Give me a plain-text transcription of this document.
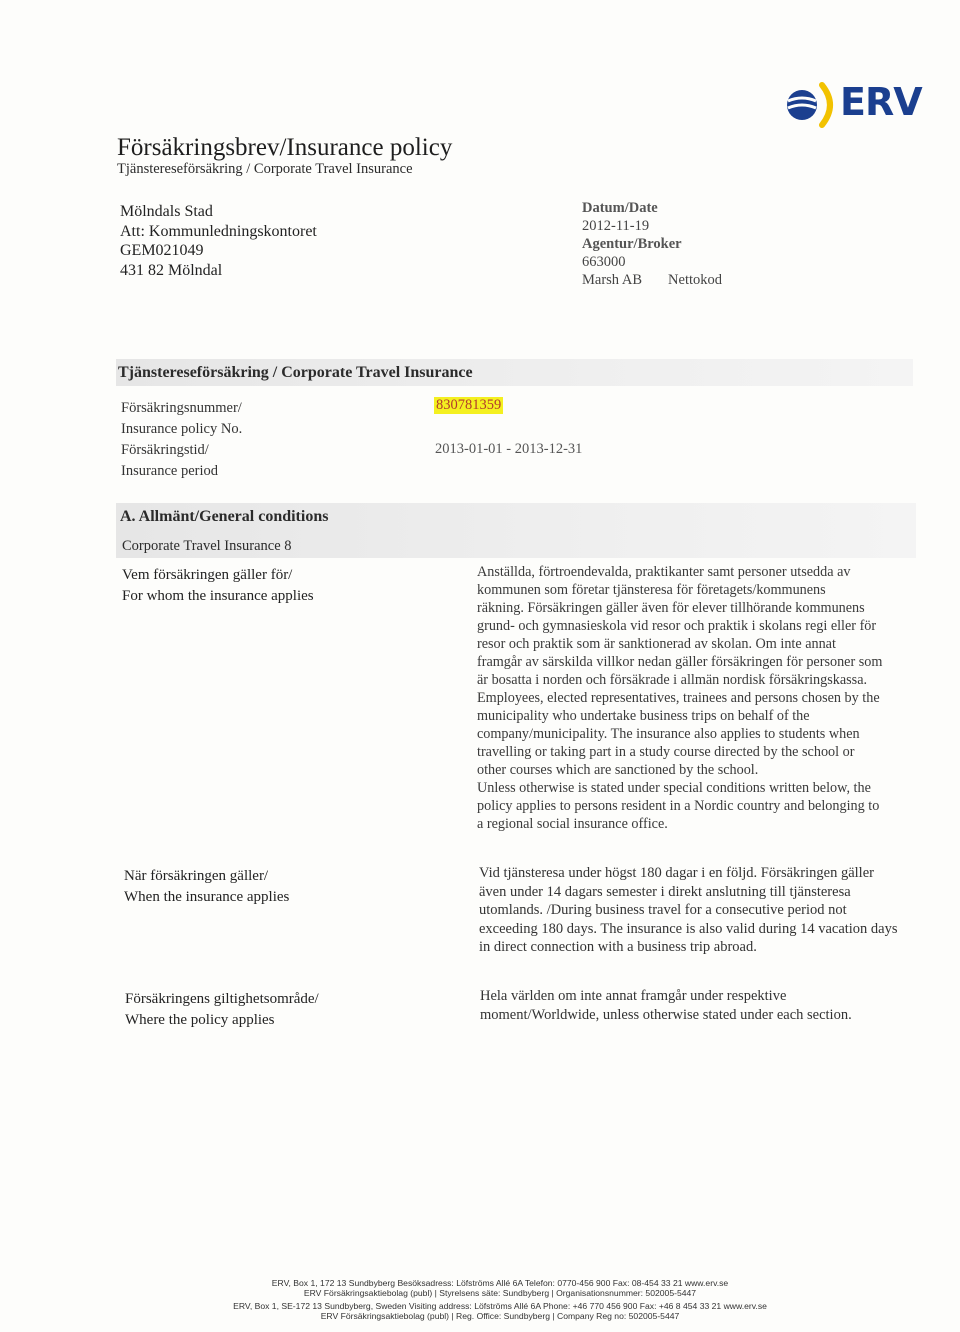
ERV
Försäkringsbrev/Insurance policy
Tjänstereseförsäkring / Corporate Travel Insurance
Mölndals Stad
Att: Kommunledningskontoret
GEM021049
431 82 Mölndal
Datum/Date
2012-11-19
Agentur/Broker
663000
Marsh AB Nettokod
Tjänstereseförsäkring / Corporate Travel Insurance
Försäkringsnummer/
Insurance policy No.
830781359
Försäkringstid/
Insurance period
2013-01-01 - 2013-12-31
A. Allmänt/General conditions
Corporate Travel Insurance 8
Vem försäkringen gäller för/
For whom the insurance applies
Anställda, förtroendevalda, praktikanter samt personer utsedda av
kommunen som företar tjänsteresa för företagets/kommunens
räkning. Försäkringen gäller även för elever tillhörande kommunens
grund- och gymnasieskola vid resor och praktik i skolans regi eller för
resor och praktik som är sanktionerad av skolan. Om inte annat
framgår av särskilda villkor nedan gäller försäkringen för personer som
är bosatta i norden och försäkrade i allmän nordisk försäkringskassa.
Employees, elected representatives, trainees and persons chosen by the
municipality who undertake business trips on behalf of the
company/municipality. The insurance also applies to students when
travelling or taking part in a study course directed by the school or
other courses which are sanctioned by the school.
Unless otherwise is stated under special conditions written below, the
policy applies to persons resident in a Nordic country and belonging to
a regional social insurance office.
När försäkringen gäller/
When the insurance applies
Vid tjänsteresa under högst 180 dagar i en följd. Försäkringen gäller
även under 14 dagars semester i direkt anslutning till tjänsteresa
utomlands. /During business travel for a consecutive period not
exceeding 180 days. The insurance is also valid during 14 vacation days
in direct connection with a business trip abroad.
Försäkringens giltighetsområde/
Where the policy applies
Hela världen om inte annat framgår under respektive
moment/Worldwide, unless otherwise stated under each section.
ERV, Box 1, 172 13 Sundbyberg Besöksadress: Löfströms Allé 6A Telefon: 0770-456 900 Fax: 08-454 33 21 www.erv.se
ERV Försäkringsaktiebolag (publ) | Styrelsens säte: Sundbyberg | Organisationsnummer: 502005-5447
ERV, Box 1, SE-172 13 Sundbyberg, Sweden Visiting address: Löfströms Allé 6A Phone: +46 770 456 900 Fax: +46 8 454 33 21 www.erv.se
ERV Försäkringsaktiebolag (publ) | Reg. Office: Sundbyberg | Company Reg no: 502005-5447
